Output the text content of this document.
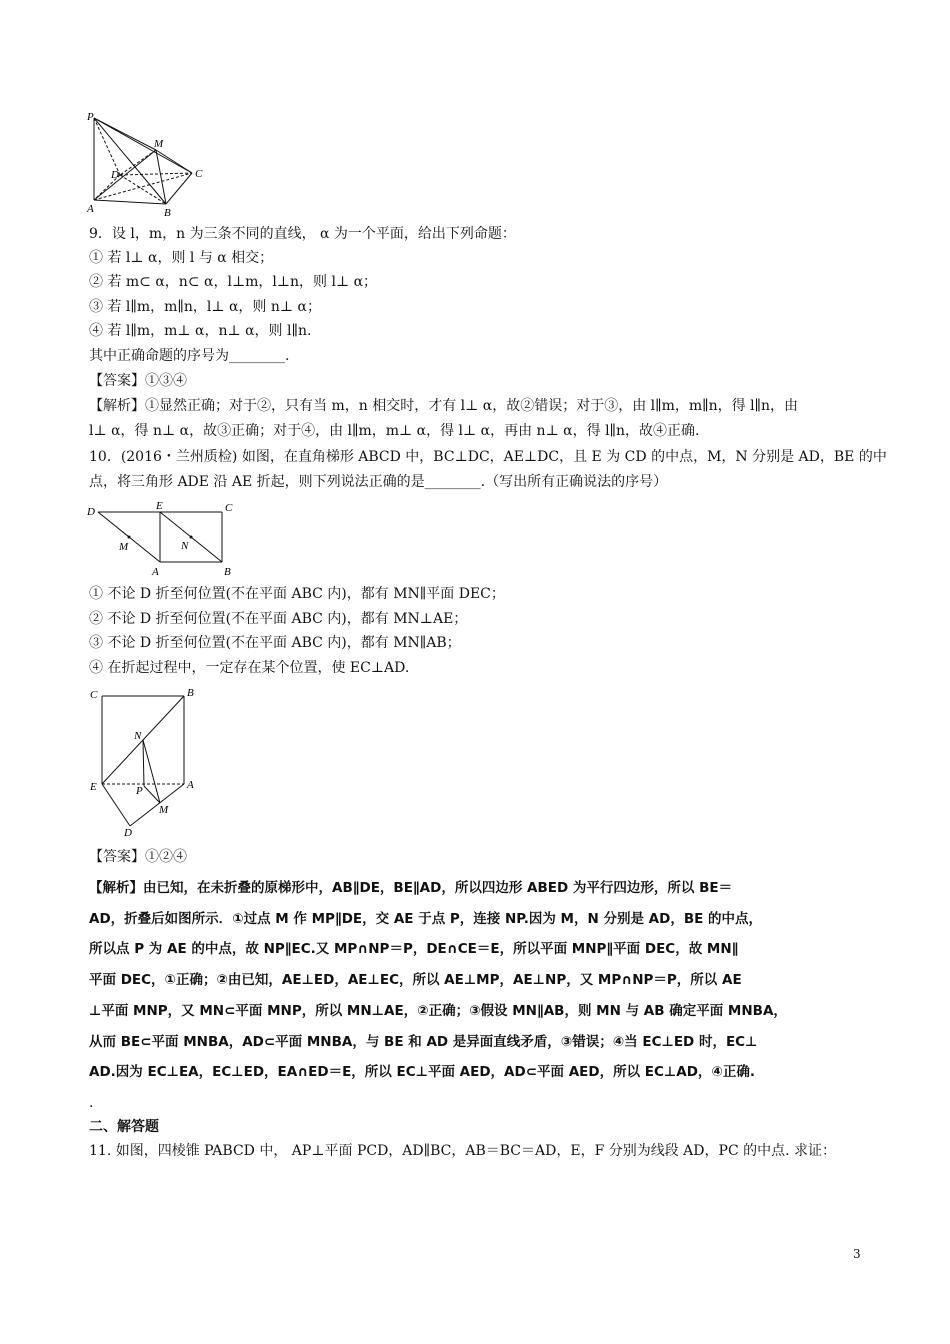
P
M
D	C
A	B
9．设 l，m，n 为三条不同的直线， α 为一个平面，给出下列命题：
① 若 l⊥ α，则 l 与 α 相交；
② 若 m⊂ α，n⊂ α，l⊥m，l⊥n，则 l⊥ α；
③ 若 l∥m，m∥n，l⊥ α，则 n⊥ α；
④ 若 l∥m，m⊥ α，n⊥ α，则 l∥n.
其中正确命题的序号为________.
【答案】①③④
【解析】①显然正确；对于②，只有当 m，n 相交时，才有 l⊥ α，故②错误；对于③，由 l∥m，m∥n，得 l∥n，由
l⊥ α，得 n⊥ α，故③正确；对于④，由 l∥m，m⊥ α，得 l⊥ α，再由 n⊥ α，得 l∥n，故④正确.
10．(2016・兰州质检) 如图，在直角梯形 ABCD 中，BC⊥DC，AE⊥DC，且 E 为 CD 的中点，M，N 分别是 AD，BE 的中
点，将三角形 ADE 沿 AE 折起，则下列说法正确的是________.（写出所有正确说法的序号）
D	E	C
M	N
A	B
① 不论 D 折至何位置(不在平面 ABC 内)，都有 MN∥平面 DEC；
② 不论 D 折至何位置(不在平面 ABC 内)，都有 MN⊥AE；
③ 不论 D 折至何位置(不在平面 ABC 内)，都有 MN∥AB；
④ 在折起过程中，一定存在某个位置，使 EC⊥AD.
C	B
N
E	P	A
M
D
【答案】①②④
【解析】由已知，在未折叠的原梯形中，AB∥DE，BE∥AD，所以四边形 ABED 为平行四边形，所以 BE＝
AD，折叠后如图所示．①过点 M 作 MP∥DE，交 AE 于点 P，连接 NP.因为 M，N 分别是 AD，BE 的中点，
所以点 P 为 AE 的中点，故 NP∥EC.又 MP∩NP＝P，DE∩CE＝E，所以平面 MNP∥平面 DEC，故 MN∥
平面 DEC，①正确；②由已知，AE⊥ED，AE⊥EC，所以 AE⊥MP，AE⊥NP，又 MP∩NP＝P，所以 AE
⊥平面 MNP，又 MN⊂平面 MNP，所以 MN⊥AE，②正确；③假设 MN∥AB，则 MN 与 AB 确定平面 MNBA，
从而 BE⊂平面 MNBA，AD⊂平面 MNBA，与 BE 和 AD 是异面直线矛盾，③错误；④当 EC⊥ED 时，EC⊥
AD.因为 EC⊥EA，EC⊥ED，EA∩ED＝E，所以 EC⊥平面 AED，AD⊂平面 AED，所以 EC⊥AD，④正确.
.
二、解答题
11. 如图，四棱锥 PABCD 中， AP⊥平面 PCD，AD∥BC，AB＝BC＝AD，E，F 分别为线段 AD，PC 的中点. 求证：
3
